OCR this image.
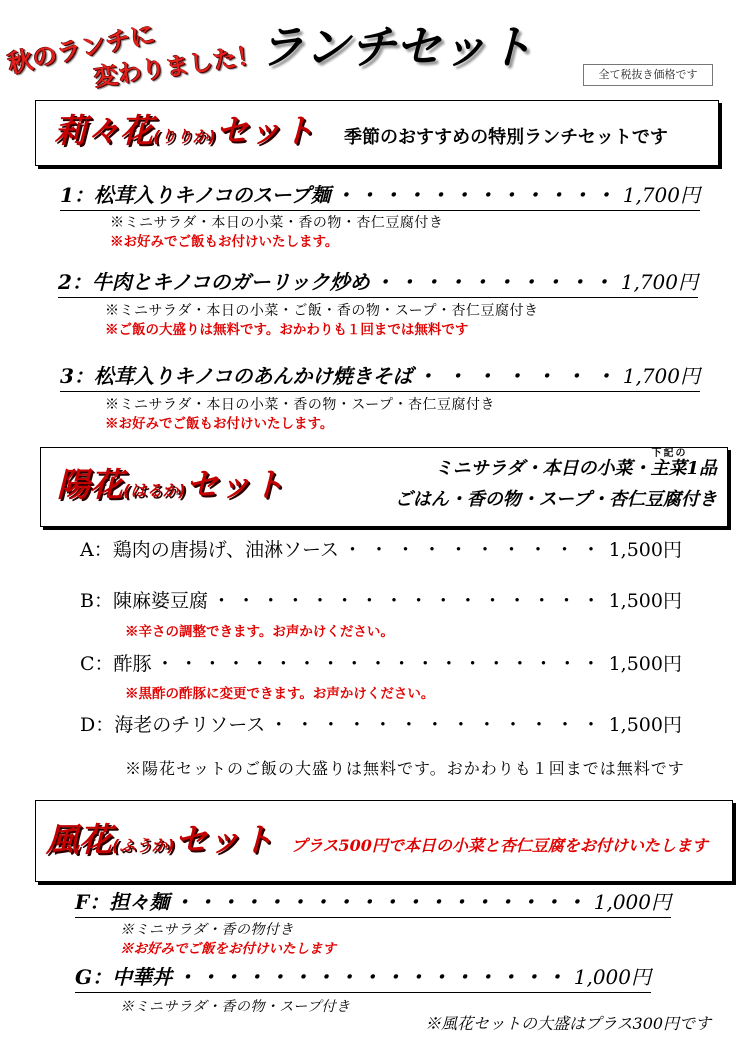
秋のランチに
変わりました！
ランチセット
全て税抜き価格です
莉々花(りりか)セット 季節のおすすめの特別ランチセットです
1：松茸入りキノコのスープ麺 ・ ・ ・ ・ ・ ・ ・ ・ ・ ・ ・ ・ 1,700円
※ミニサラダ・本日の小菜・香の物・杏仁豆腐付き
※お好みでご飯もお付けいたします。
2：牛肉とキノコのガーリック炒め ・ ・ ・ ・ ・ ・ ・ ・ ・ ・ 1,700円
※ミニサラダ・本日の小菜・ご飯・香の物・スープ・杏仁豆腐付き
※ご飯の大盛りは無料です。おかわりも１回までは無料です
3：松茸入りキノコのあんかけ焼きそば ・ ・ ・ ・ ・ ・ ・ 1,700円
※ミニサラダ・本日の小菜・香の物・スープ・杏仁豆腐付き
※お好みでご飯もお付けいたします。
陽花(はるか)セット	ミニサラダ・本日の小菜・主菜下記の1品
ごはん・香の物・スープ・杏仁豆腐付き
A：鶏肉の唐揚げ、油淋ソース ・ ・ ・ ・ ・ ・ ・ ・ ・ ・ 1,500円
B：陳麻婆豆腐 ・ ・ ・ ・ ・ ・ ・ ・ ・ ・ ・ ・ ・ ・ ・ ・ 1,500円
※辛さの調整できます。お声かけください。
C：酢豚 ・ ・ ・ ・ ・ ・ ・ ・ ・ ・ ・ ・ ・ ・ ・ ・ ・ ・ ・ 1,500円
※黒酢の酢豚に変更できます。お声かけください。
D：海老のチリソース ・ ・ ・ ・ ・ ・ ・ ・ ・ ・ ・ ・ ・ 1,500円
※陽花セットのご飯の大盛りは無料です。おかわりも１回までは無料です
風花(ふうか)セット プラス500円で本日の小菜と杏仁豆腐をお付けいたします
F：担々麺 ・ ・ ・ ・ ・ ・ ・ ・ ・ ・ ・ ・ ・ ・ ・ ・ ・ ・ 1,000円
※ミニサラダ・香の物付き
※お好みでご飯をお付けいたします
G：中華丼 ・ ・ ・ ・ ・ ・ ・ ・ ・ ・ ・ ・ ・ ・ ・ ・ ・ 1,000円
※ミニサラダ・香の物・スープ付き
※風花セットの大盛はプラス300円です
